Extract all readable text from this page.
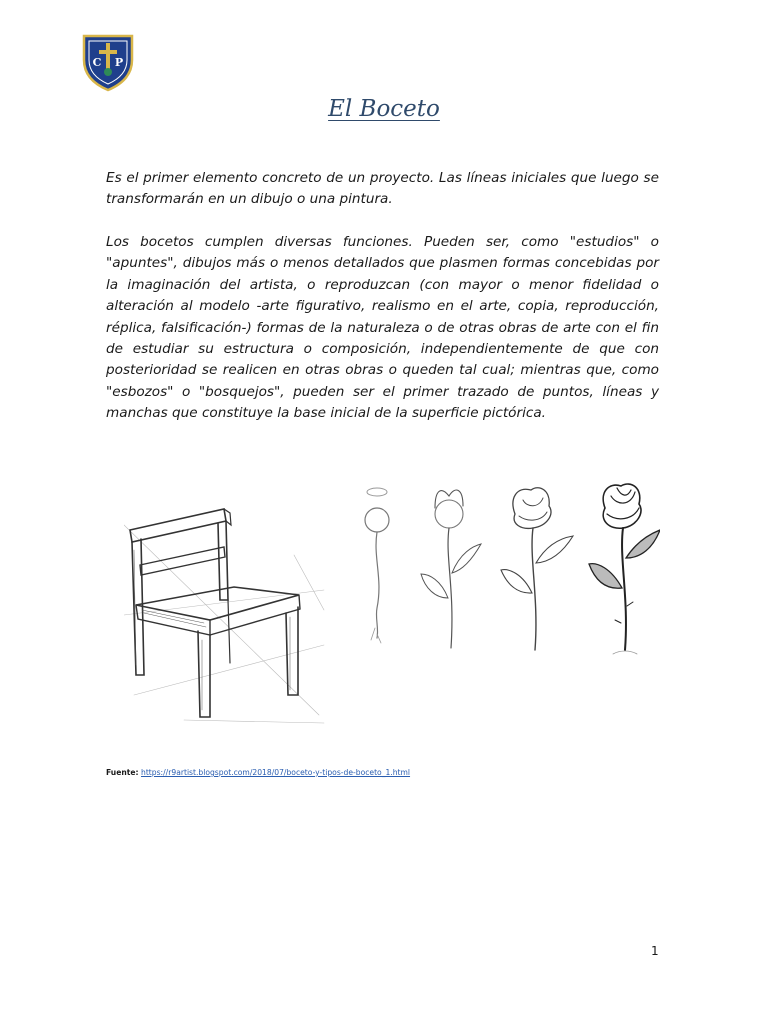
C P
El Boceto

Es el primer elemento concreto de un proyecto. Las líneas iniciales que luego se transformarán en un dibujo o una pintura.

Los bocetos cumplen diversas funciones. Pueden ser, como "estudios" o "apuntes", dibujos más o menos detallados que plasmen formas concebidas por la imaginación del artista, o reproduzcan (con mayor o menor fidelidad o alteración al modelo -arte figurativo, realismo en el arte, copia, reproducción, réplica, falsificación-) formas de la naturaleza o de otras obras de arte con el fin de estudiar su estructura o composición, independientemente de que con posterioridad se realicen en otras obras o queden tal cual; mientras que, como "esbozos" o "bosquejos", pueden ser el primer trazado de puntos, líneas y manchas que constituye la base inicial de la superficie pictórica.

Fuente: https://r9artist.blogspot.com/2018/07/boceto-y-tipos-de-boceto_1.html

1
